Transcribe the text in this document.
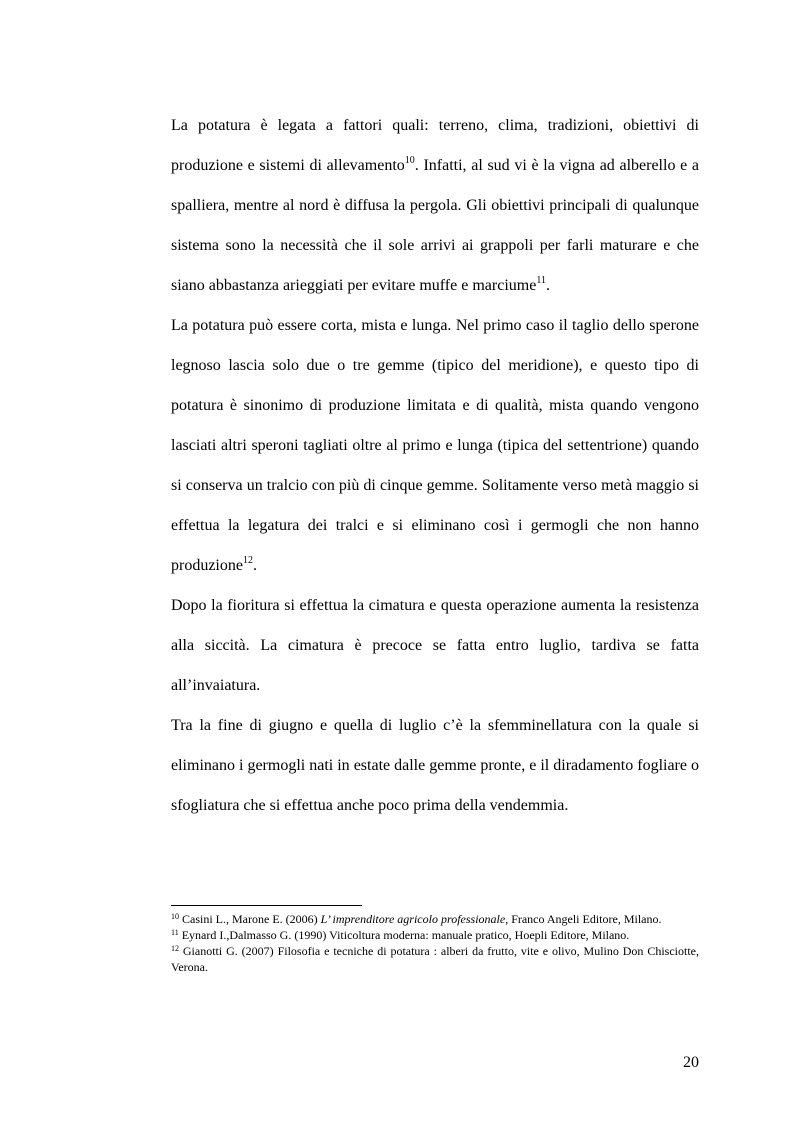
La potatura è legata a fattori quali: terreno, clima, tradizioni, obiettivi di produzione e sistemi di allevamento$^{10}$. Infatti, al sud vi è la vigna ad alberello e a spalliera, mentre al nord è diffusa la pergola. Gli obiettivi principali di qualunque sistema sono la necessità che il sole arrivi ai grappoli per farli maturare e che siano abbastanza arieggiati per evitare muffe e marciume$^{11}$.

La potatura può essere corta, mista e lunga. Nel primo caso il taglio dello sperone legnoso lascia solo due o tre gemme (tipico del meridione), e questo tipo di potatura è sinonimo di produzione limitata e di qualità, mista quando vengono lasciati altri speroni tagliati oltre al primo e lunga (tipica del settentrione) quando si conserva un tralcio con più di cinque gemme. Solitamente verso metà maggio si effettua la legatura dei tralci e si eliminano così i germogli che non hanno produzione$^{12}$.

Dopo la fioritura si effettua la cimatura e questa operazione aumenta la resistenza alla siccità. La cimatura è precoce se fatta entro luglio, tardiva se fatta all’invaiatura.

Tra la fine di giugno e quella di luglio c’è la sfemminellatura con la quale si eliminano i germogli nati in estate dalle gemme pronte, e il diradamento fogliare o sfogliatura che si effettua anche poco prima della vendemmia.

$^{10}$ Casini L., Marone E. (2006) L’ imprenditore agricolo professionale, Franco Angeli Editore, Milano.

$^{11}$ Eynard I.,Dalmasso G. (1990) Viticoltura moderna: manuale pratico, Hoepli Editore, Milano.

$^{12}$ Gianotti G. (2007) Filosofia e tecniche di potatura : alberi da frutto, vite e olivo, Mulino Don Chisciotte, Verona.

20
